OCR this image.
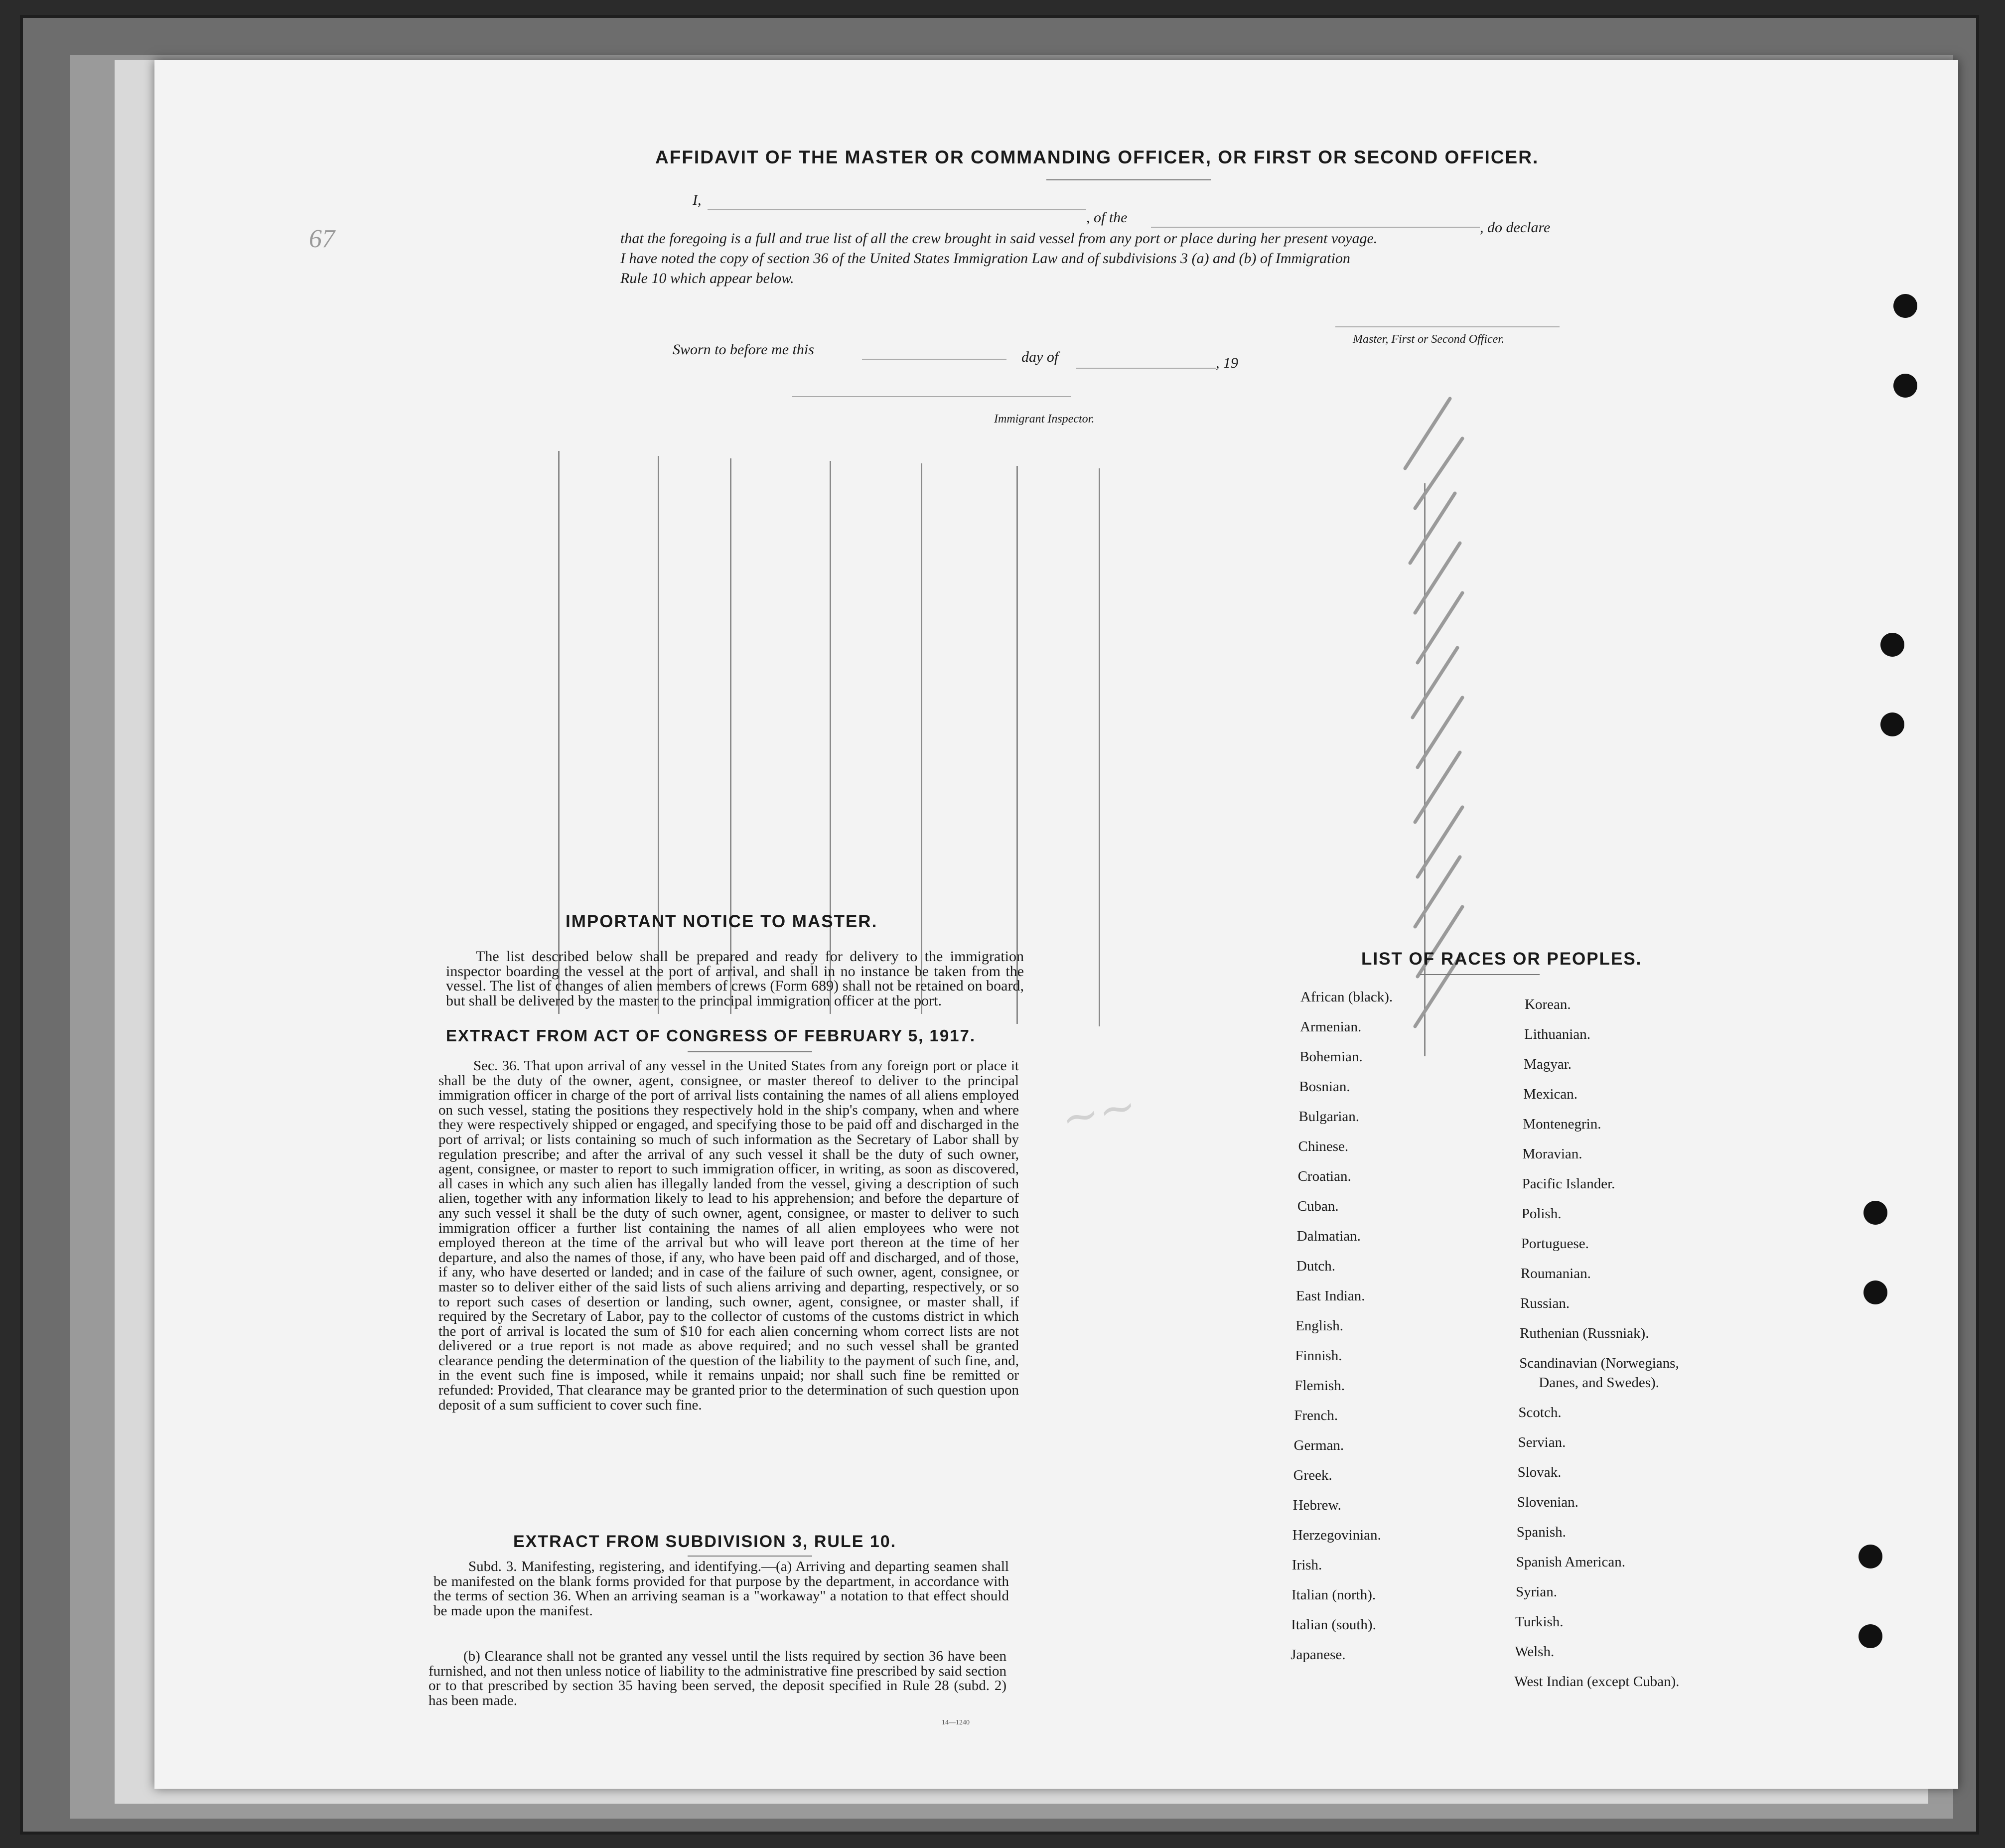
67
AFFIDAVIT OF THE MASTER OR COMMANDING OFFICER, OR FIRST OR SECOND OFFICER.
I,
, of the
, do declare
that the foregoing is a full and true list of all the crew brought in said vessel from any port or place during her present voyage.
I have noted the copy of section 36 of the United States Immigration Law and of subdivisions 3 (a) and (b) of Immigration
Rule 10 which appear below.
Master, First or Second Officer.
Sworn to before me this	day of	, 19
Immigrant Inspector.
IMPORTANT NOTICE TO MASTER.
The list described below shall be prepared and ready for delivery to the immigration inspector boarding the vessel at the port of arrival, and shall in no instance be taken from the vessel. The list of changes of alien members of crews (Form 689) shall not be retained on board, but shall be delivered by the master to the principal immigration officer at the port.
EXTRACT FROM ACT OF CONGRESS OF FEBRUARY 5, 1917.
Sec. 36. That upon arrival of any vessel in the United States from any foreign port or place it shall be the duty of the owner, agent, consignee, or master thereof to deliver to the principal immigration officer in charge of the port of arrival lists containing the names of all aliens employed on such vessel, stating the positions they respectively hold in the ship's company, when and where they were respectively shipped or engaged, and specifying those to be paid off and discharged in the port of arrival; or lists containing so much of such information as the Secretary of Labor shall by regulation prescribe; and after the arrival of any such vessel it shall be the duty of such owner, agent, consignee, or master to report to such immigration officer, in writing, as soon as discovered, all cases in which any such alien has illegally landed from the vessel, giving a description of such alien, together with any information likely to lead to his apprehension; and before the departure of any such vessel it shall be the duty of such owner, agent, consignee, or master to deliver to such immigration officer a further list containing the names of all alien employees who were not employed thereon at the time of the arrival but who will leave port thereon at the time of her departure, and also the names of those, if any, who have been paid off and discharged, and of those, if any, who have deserted or landed; and in case of the failure of such owner, agent, consignee, or master so to deliver either of the said lists of such aliens arriving and departing, respectively, or so to report such cases of desertion or landing, such owner, agent, consignee, or master shall, if required by the Secretary of Labor, pay to the collector of customs of the customs district in which the port of arrival is located the sum of $10 for each alien concerning whom correct lists are not delivered or a true report is not made as above required; and no such vessel shall be granted clearance pending the determination of the question of the liability to the payment of such fine, and, in the event such fine is imposed, while it remains unpaid; nor shall such fine be remitted or refunded: Provided, That clearance may be granted prior to the determination of such question upon deposit of a sum sufficient to cover such fine.
EXTRACT FROM SUBDIVISION 3, RULE 10.
Subd. 3. Manifesting, registering, and identifying.—(a) Arriving and departing seamen shall be manifested on the blank forms provided for that purpose by the department, in accordance with the terms of section 36. When an arriving seaman is a "workaway" a notation to that effect should be made upon the manifest.
(b) Clearance shall not be granted any vessel until the lists required by section 36 have been furnished, and not then unless notice of liability to the administrative fine prescribed by said section or to that prescribed by section 35 having been served, the deposit specified in Rule 28 (subd. 2) has been made.
14—1240
LIST OF RACES OR PEOPLES.
~~
African (black).
Armenian.
Bohemian.
Bosnian.
Bulgarian.
Chinese.
Croatian.
Cuban.
Dalmatian.
Dutch.
East Indian.
English.
Finnish.
Flemish.
French.
German.
Greek.
Hebrew.
Herzegovinian.
Irish.
Italian (north).
Italian (south).
Japanese.
Korean.
Lithuanian.
Magyar.
Mexican.
Montenegrin.
Moravian.
Pacific Islander.
Polish.
Portuguese.
Roumanian.
Russian.
Ruthenian (Russniak).
Scandinavian (Norwegians,
Danes, and Swedes).
Scotch.
Servian.
Slovak.
Slovenian.
Spanish.
Spanish American.
Syrian.
Turkish.
Welsh.
West Indian (except Cuban).
